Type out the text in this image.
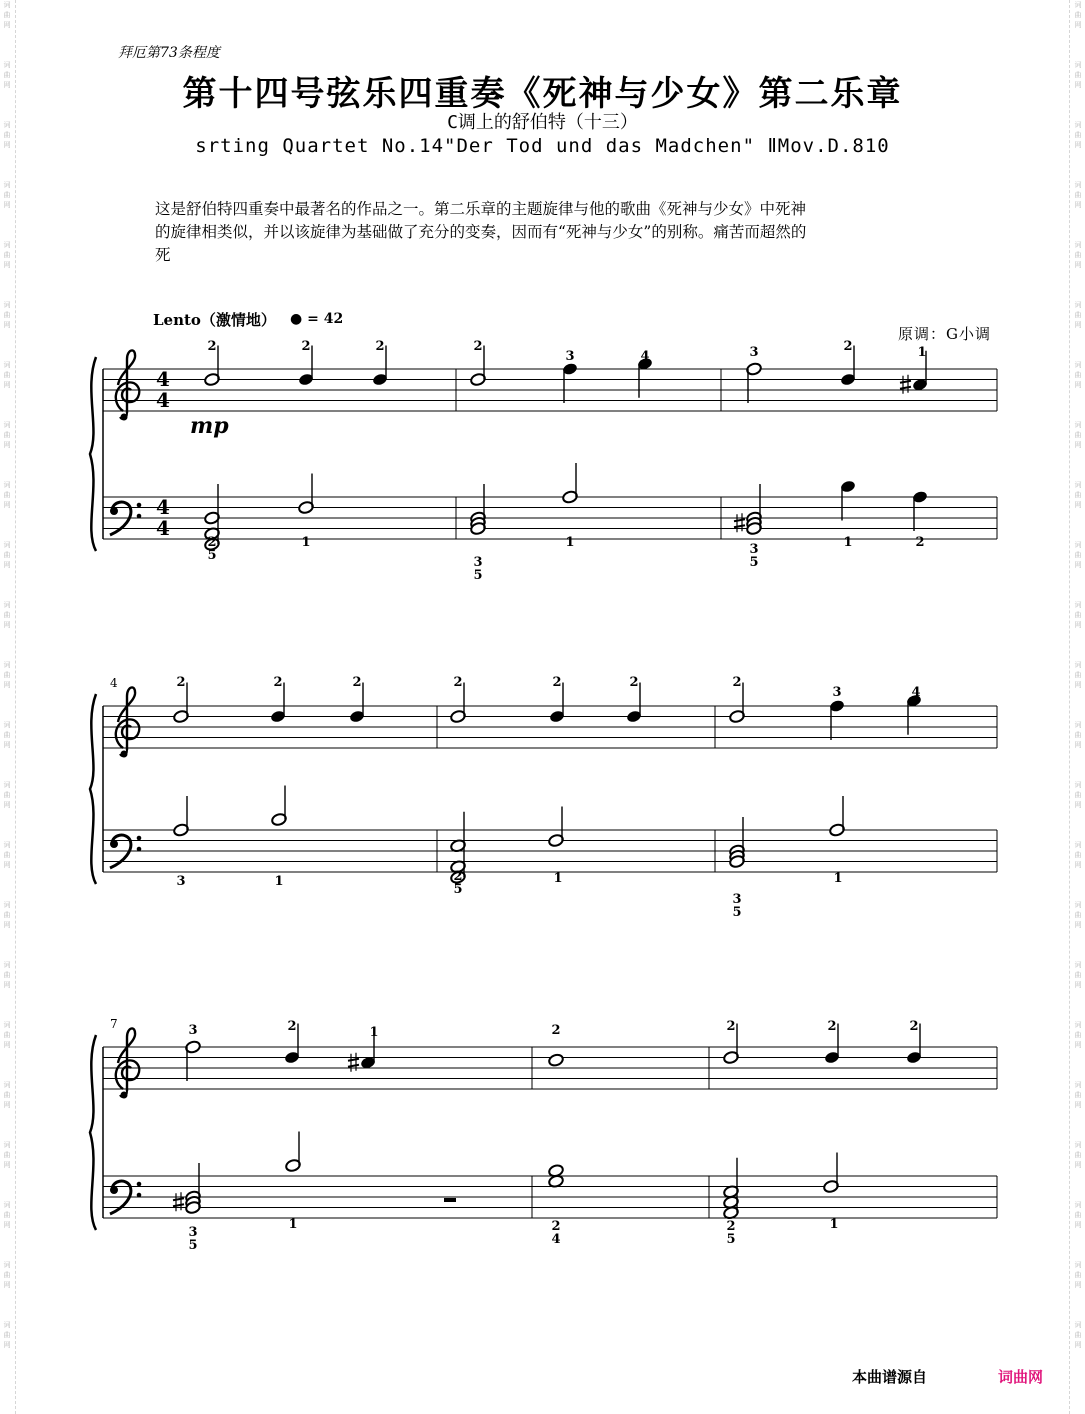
词
曲
网
词
曲
网
词
曲
网
词
曲
网
词
曲
网
词
曲
网
词
曲
网
词
曲
网
词
曲
网
词
曲
网
词
曲
网
词
曲
网
词
曲
网
词
曲
网
词
曲
网
词
曲
网
词
曲
网
词
曲
网
词
曲
网
词
曲
网
词
曲
网
词
曲
网
词
曲
网
词
曲
网
词
曲
网
词
曲
网
词
曲
网
词
曲
网
词
曲
网
词
曲
网
词
曲
网
词
曲
网
词
曲
网
词
曲
网
词
曲
网
词
曲
网
词
曲
网
词
曲
网
词
曲
网
词
曲
网
词
曲
网
词
曲
网
词
曲
网
词
曲
网
词
曲
网
词
曲
网
拜厄第73条程度
第十四号弦乐四重奏《死神与少女》第二乐章
C调上的舒伯特（十三）
srting Quartet No.14"Der Tod und das Madchen" ⅡMov.D.810
这是舒伯特四重奏中最著名的作品之一。第二乐章的主题旋律与他的歌曲《死神与少女》中死神
的旋律相类似，并以该旋律为基础做了充分的变奏，因而有“死神与少女”的别称。痛苦而超然的
死
Lento（激情地） ● = 42
原调：G小调
4
4
4
4
mp
2	2	2	2
3	4	3	2	1
2
5
1
3
5
1	3
5
1	2
4	2	2	2	2	2	2	2
3	4
3	1	2
5
1
3
5
1
7	3	2	1	2	2	2	2
3
5
1	2
4
2
5
1
本曲谱源自	词曲网
